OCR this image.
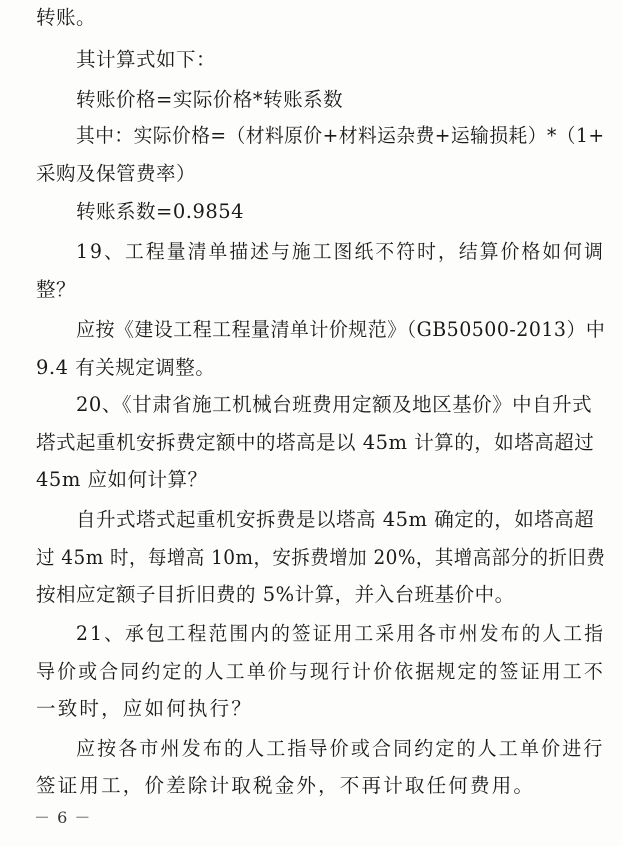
转账。
其计算式如下：
转账价格=实际价格*转账系数
其中：实际价格=（材料原价+材料运杂费+运输损耗）*（1+
采购及保管费率）
转账系数=0.9854
19、工程量清单描述与施工图纸不符时，结算价格如何调
整？
应按《建设工程工程量清单计价规范》（GB50500-2013）中
9.4 有关规定调整。
20、《甘肃省施工机械台班费用定额及地区基价》中自升式
塔式起重机安拆费定额中的塔高是以 45m 计算的，如塔高超过
45m 应如何计算？
自升式塔式起重机安拆费是以塔高 45m 确定的，如塔高超
过 45m 时，每增高 10m，安拆费增加 20%，其增高部分的折旧费
按相应定额子目折旧费的 5%计算，并入台班基价中。
21、承包工程范围内的签证用工采用各市州发布的人工指
导价或合同约定的人工单价与现行计价依据规定的签证用工不
一致时，应如何执行？
应按各市州发布的人工指导价或合同约定的人工单价进行
签证用工，价差除计取税金外，不再计取任何费用。
－ 6 －
